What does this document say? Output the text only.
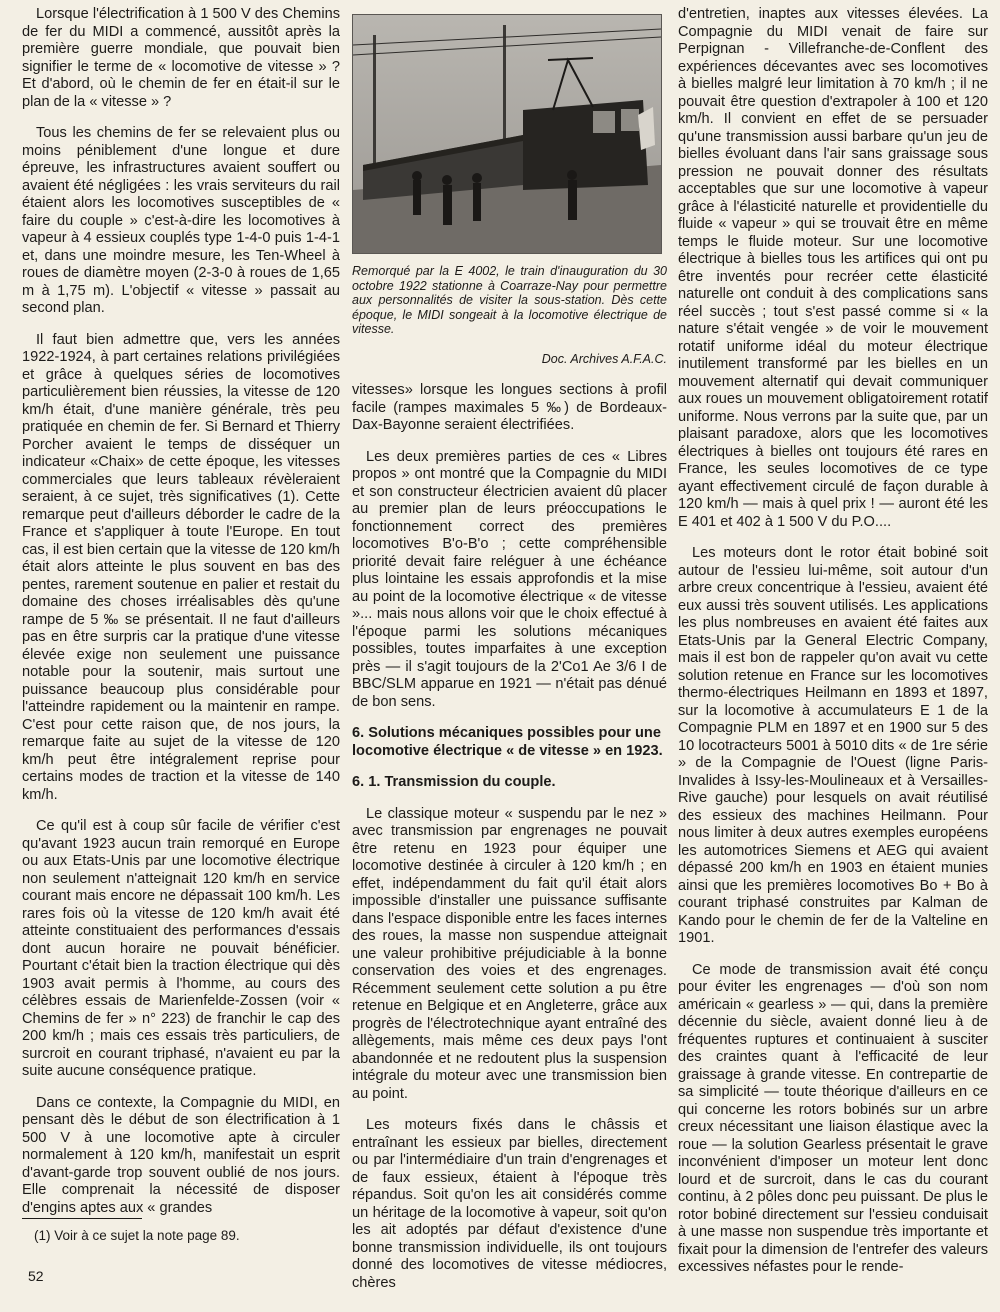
Lorsque l'électrification à 1 500 V des Chemins de fer du MIDI a commencé, aussitôt après la première guerre mondiale, que pouvait bien signifier le terme de « locomotive de vitesse » ? Et d'abord, où le chemin de fer en était-il sur le plan de la « vitesse » ?

Tous les chemins de fer se relevaient plus ou moins péniblement d'une longue et dure épreuve, les infrastructures avaient souffert ou avaient été négligées : les vrais serviteurs du rail étaient alors les locomotives susceptibles de « faire du couple » c'est-à-dire les locomotives à vapeur à 4 essieux couplés type 1-4-0 puis 1-4-1 et, dans une moindre mesure, les Ten-Wheel à roues de diamètre moyen (2-3-0 à roues de 1,65 m à 1,75 m). L'objectif « vitesse » passait au second plan.

Il faut bien admettre que, vers les années 1922-1924, à part certaines relations privilégiées et grâce à quelques séries de locomotives particulièrement bien réussies, la vitesse de 120 km/h était, d'une manière générale, très peu pratiquée en chemin de fer. Si Bernard et Thierry Porcher avaient le temps de disséquer un indicateur «Chaix» de cette époque, les vitesses commerciales que leurs tableaux révèleraient seraient, à ce sujet, très significatives (1). Cette remarque peut d'ailleurs déborder le cadre de la France et s'appliquer à toute l'Europe. En tout cas, il est bien certain que la vitesse de 120 km/h était alors atteinte le plus souvent en bas des pentes, rarement soutenue en palier et restait du domaine des choses irréalisables dès qu'une rampe de 5 ‰ se présentait. Il ne faut d'ailleurs pas en être surpris car la pratique d'une vitesse élevée exige non seulement une puissance notable pour la soutenir, mais surtout une puissance beaucoup plus considérable pour l'atteindre rapidement ou la maintenir en rampe. C'est pour cette raison que, de nos jours, la remarque faite au sujet de la vitesse de 120 km/h peut être intégralement reprise pour certains modes de traction et la vitesse de 140 km/h.

Ce qu'il est à coup sûr facile de vérifier c'est qu'avant 1923 aucun train remorqué en Europe ou aux Etats-Unis par une locomotive électrique non seulement n'atteignait 120 km/h en service courant mais encore ne dépassait 100 km/h. Les rares fois où la vitesse de 120 km/h avait été atteinte constituaient des performances d'essais dont aucun horaire ne pouvait bénéficier. Pourtant c'était bien la traction électrique qui dès 1903 avait permis à l'homme, au cours des célèbres essais de Marienfelde-Zossen (voir « Chemins de fer » n° 223) de franchir le cap des 200 km/h ; mais ces essais très particuliers, de surcroit en courant triphasé, n'avaient eu par la suite aucune conséquence pratique.

Dans ce contexte, la Compagnie du MIDI, en pensant dès le début de son électrification à 1 500 V à une locomotive apte à circuler normalement à 120 km/h, manifestait un esprit d'avant-garde trop souvent oublié de nos jours. Elle comprenait la nécessité de disposer d'engins aptes aux « grandes

Remorqué par la E 4002, le train d'inauguration du 30 octobre 1922 stationne à Coarraze-Nay pour permettre aux personnalités de visiter la sous-station. Dès cette époque, le MIDI songeait à la locomotive électrique de vitesse.

Doc. Archives A.F.A.C.

vitesses» lorsque les longues sections à profil facile (rampes maximales 5 ‰) de Bordeaux-Dax-Bayonne seraient électrifiées.

Les deux premières parties de ces « Libres propos » ont montré que la Compagnie du MIDI et son constructeur électricien avaient dû placer au premier plan de leurs préoccupations le fonctionnement correct des premières locomotives B'o-B'o ; cette compréhensible priorité devait faire reléguer à une échéance plus lointaine les essais approfondis et la mise au point de la locomotive électrique « de vitesse »... mais nous allons voir que le choix effectué à l'époque parmi les solutions mécaniques possibles, toutes imparfaites à une exception près — il s'agit toujours de la 2'Co1 Ae 3/6 I de BBC/SLM apparue en 1921 — n'était pas dénué de bon sens.

6. Solutions mécaniques possibles pour une locomotive électrique « de vitesse » en 1923.

6. 1. Transmission du couple.

Le classique moteur « suspendu par le nez » avec transmission par engrenages ne pouvait être retenu en 1923 pour équiper une locomotive destinée à circuler à 120 km/h ; en effet, indépendamment du fait qu'il était alors impossible d'installer une puissance suffisante dans l'espace disponible entre les faces internes des roues, la masse non suspendue atteignait une valeur prohibitive préjudiciable à la bonne conservation des voies et des engrenages. Récemment seulement cette solution a pu être retenue en Belgique et en Angleterre, grâce aux progrès de l'électrotechnique ayant entraîné des allègements, mais même ces deux pays l'ont abandonnée et ne redoutent plus la suspension intégrale du moteur avec une transmission bien au point.

Les moteurs fixés dans le châssis et entraînant les essieux par bielles, directement ou par l'intermédiaire d'un train d'engrenages et de faux essieux, étaient à l'époque très répandus. Soit qu'on les ait considérés comme un héritage de la locomotive à vapeur, soit qu'on les ait adoptés par défaut d'existence d'une bonne transmission individuelle, ils ont toujours donné des locomotives de vitesse médiocres, chères

d'entretien, inaptes aux vitesses élevées. La Compagnie du MIDI venait de faire sur Perpignan - Villefranche-de-Conflent des expériences décevantes avec ses locomotives à bielles malgré leur limitation à 70 km/h ; il ne pouvait être question d'extrapoler à 100 et 120 km/h. Il convient en effet de se persuader qu'une transmission aussi barbare qu'un jeu de bielles évoluant dans l'air sans graissage sous pression ne pouvait donner des résultats acceptables que sur une locomotive à vapeur grâce à l'élasticité naturelle et providentielle du fluide « vapeur » qui se trouvait être en même temps le fluide moteur. Sur une locomotive électrique à bielles tous les artifices qui ont pu être inventés pour recréer cette élasticité naturelle ont conduit à des complications sans réel succès ; tout s'est passé comme si « la nature s'était vengée » de voir le mouvement rotatif uniforme idéal du moteur électrique inutilement transformé par les bielles en un mouvement alternatif qui devait communiquer aux roues un mouvement obligatoirement rotatif uniforme. Nous verrons par la suite que, par un plaisant paradoxe, alors que les locomotives électriques à bielles ont toujours été rares en France, les seules locomotives de ce type ayant effectivement circulé de façon durable à 120 km/h — mais à quel prix ! — auront été les E 401 et 402 à 1 500 V du P.O....

Les moteurs dont le rotor était bobiné soit autour de l'essieu lui-même, soit autour d'un arbre creux concentrique à l'essieu, avaient été eux aussi très souvent utilisés. Les applications les plus nombreuses en avaient été faites aux Etats-Unis par la General Electric Company, mais il est bon de rappeler qu'on avait vu cette solution retenue en France sur les locomotives thermo-électriques Heilmann en 1893 et 1897, sur la locomotive à accumulateurs E 1 de la Compagnie PLM en 1897 et en 1900 sur 5 des 10 locotracteurs 5001 à 5010 dits « de 1re série » de la Compagnie de l'Ouest (ligne Paris-Invalides à Issy-les-Moulineaux et à Versailles-Rive gauche) pour lesquels on avait réutilisé des essieux des machines Heilmann. Pour nous limiter à deux autres exemples européens les automotrices Siemens et AEG qui avaient dépassé 200 km/h en 1903 en étaient munies ainsi que les premières locomotives Bo + Bo à courant triphasé construites par Kalman de Kando pour le chemin de fer de la Valteline en 1901.

Ce mode de transmission avait été conçu pour éviter les engrenages — d'où son nom américain « gearless » — qui, dans la première décennie du siècle, avaient donné lieu à de fréquentes ruptures et continuaient à susciter des craintes quant à l'efficacité de leur graissage à grande vitesse. En contrepartie de sa simplicité — toute théorique d'ailleurs en ce qui concerne les rotors bobinés sur un arbre creux nécessitant une liaison élastique avec la roue — la solution Gearless présentait le grave inconvénient d'imposer un moteur lent donc lourd et de surcroit, dans le cas du courant continu, à 2 pôles donc peu puissant. De plus le rotor bobiné directement sur l'essieu conduisait à une masse non suspendue très importante et fixait pour la dimension de l'entrefer des valeurs excessives néfastes pour le rende-

(1) Voir à ce sujet la note page 89.
52
